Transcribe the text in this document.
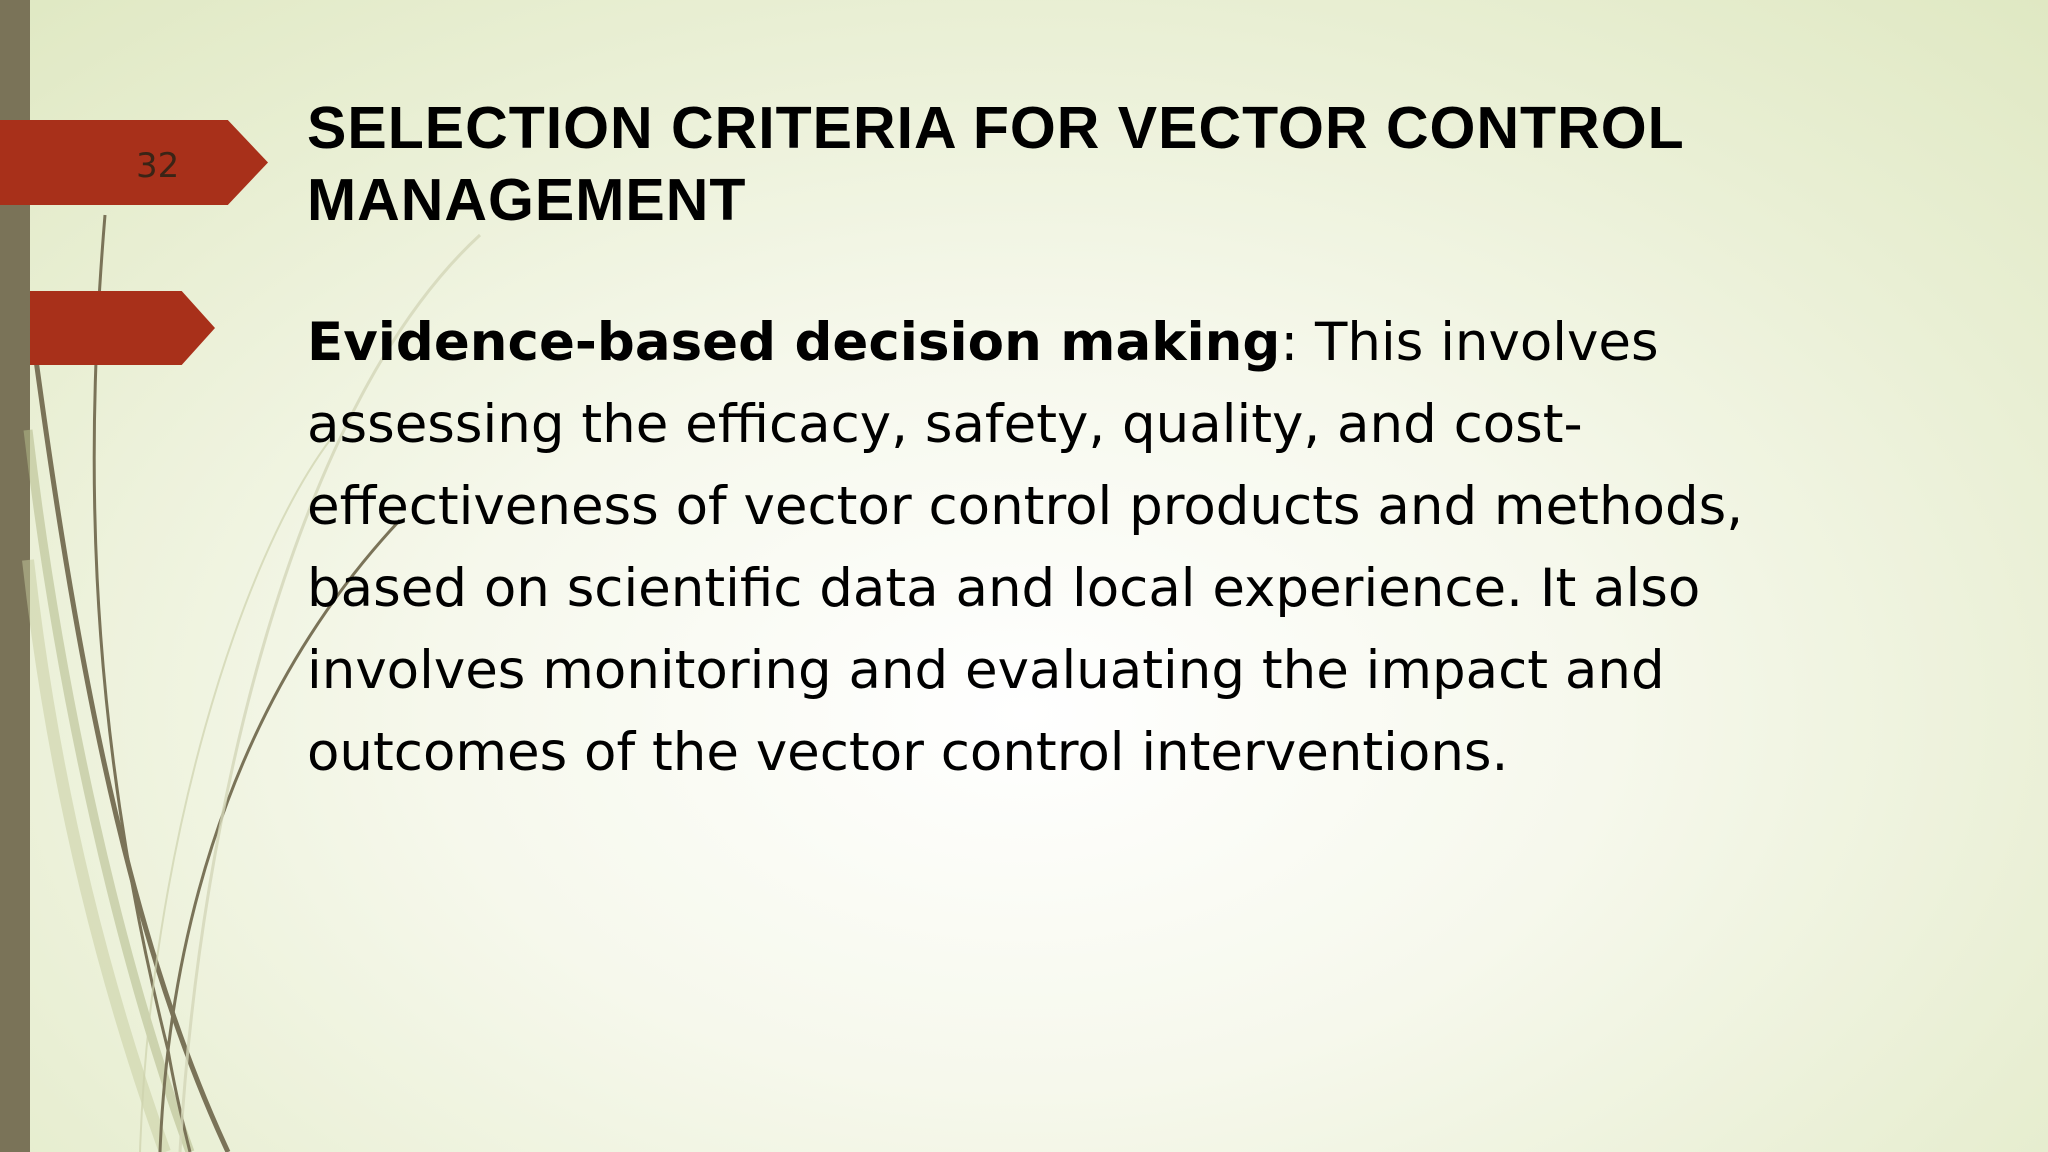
32
SELECTION CRITERIA FOR VECTOR CONTROL MANAGEMENT

Evidence-based decision making: This involves assessing the efficacy, safety, quality, and cost-effectiveness of vector control products and methods, based on scientific data and local experience. It also involves monitoring and evaluating the impact and outcomes of the vector control interventions.
